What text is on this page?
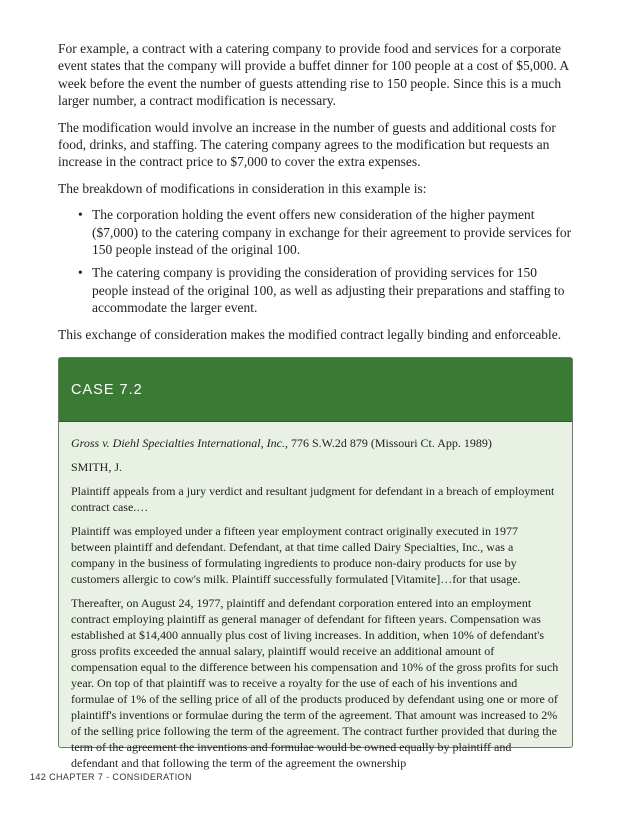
For example, a contract with a catering company to provide food and services for a corporate event states that the company will provide a buffet dinner for 100 people at a cost of $5,000. A week before the event the number of guests attending rise to 150 people. Since this is a much larger number, a contract modification is necessary.

The modification would involve an increase in the number of guests and additional costs for food, drinks, and staffing. The catering company agrees to the modification but requests an increase in the contract price to $7,000 to cover the extra expenses.

The breakdown of modifications in consideration in this example is:

• The corporation holding the event offers new consideration of the higher payment ($7,000) to the catering company in exchange for their agreement to provide services for 150 people instead of the original 100.
• The catering company is providing the consideration of providing services for 150 people instead of the original 100, as well as adjusting their preparations and staffing to accommodate the larger event.

This exchange of consideration makes the modified contract legally binding and enforceable.

CASE 7.2

Gross v. Diehl Specialties International, Inc., 776 S.W.2d 879 (Missouri Ct. App. 1989)

SMITH, J.

Plaintiff appeals from a jury verdict and resultant judgment for defendant in a breach of employment contract case.…

Plaintiff was employed under a fifteen year employment contract originally executed in 1977 between plaintiff and defendant. Defendant, at that time called Dairy Specialties, Inc., was a company in the business of formulating ingredients to produce non-dairy products for use by customers allergic to cow's milk. Plaintiff successfully formulated [Vitamite]…for that usage.

Thereafter, on August 24, 1977, plaintiff and defendant corporation entered into an employment contract employing plaintiff as general manager of defendant for fifteen years. Compensation was established at $14,400 annually plus cost of living increases. In addition, when 10% of defendant's gross profits exceeded the annual salary, plaintiff would receive an additional amount of compensation equal to the difference between his compensation and 10% of the gross profits for such year. On top of that plaintiff was to receive a royalty for the use of each of his inventions and formulae of 1% of the selling price of all of the products produced by defendant using one or more of plaintiff's inventions or formulae during the term of the agreement. That amount was increased to 2% of the selling price following the term of the agreement. The contract further provided that during the term of the agreement the inventions and formulae would be owned equally by plaintiff and defendant and that following the term of the agreement the ownership

142 CHAPTER 7 - CONSIDERATION
